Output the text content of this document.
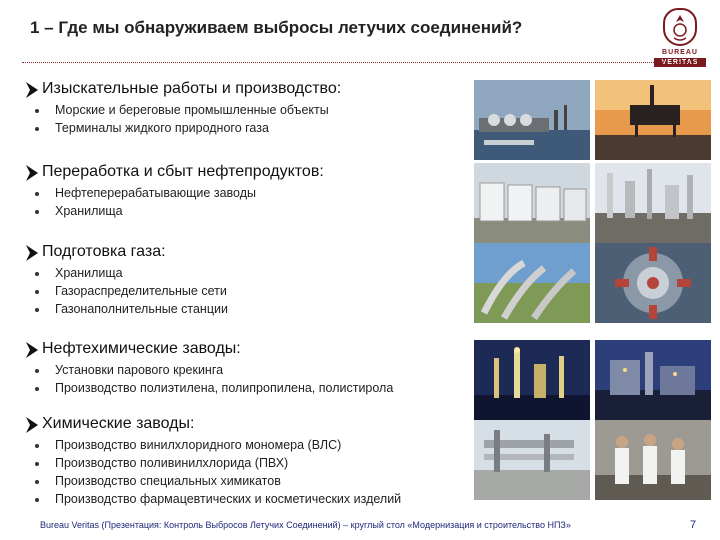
1 – Где мы обнаруживаем выбросы летучих соединений?
BUREAU
VERITAS
Изыскательные работы и производство:
Морские и береговые промышленные объекты
Терминалы жидкого природного газа
Переработка и сбыт нефтепродуктов:
Нефтеперерабатывающие заводы
Хранилища
Подготовка газа:
Хранилища
Газораспределительные сети
Газонаполнительные станции
Нефтехимические заводы:
Установки парового крекинга
Производство полиэтилена, полипропилена, полистирола
Химические заводы:
Производство винилхлоридного мономера (ВЛС)
Производство поливинилхлорида (ПВХ)
Производство специальных химикатов
Производство фармацевтических и косметических изделий
Bureau Veritas (Презентация: Контроль Выбросов Летучих Соединений) – круглый стол «Модернизация и строительство НПЗ»	7
